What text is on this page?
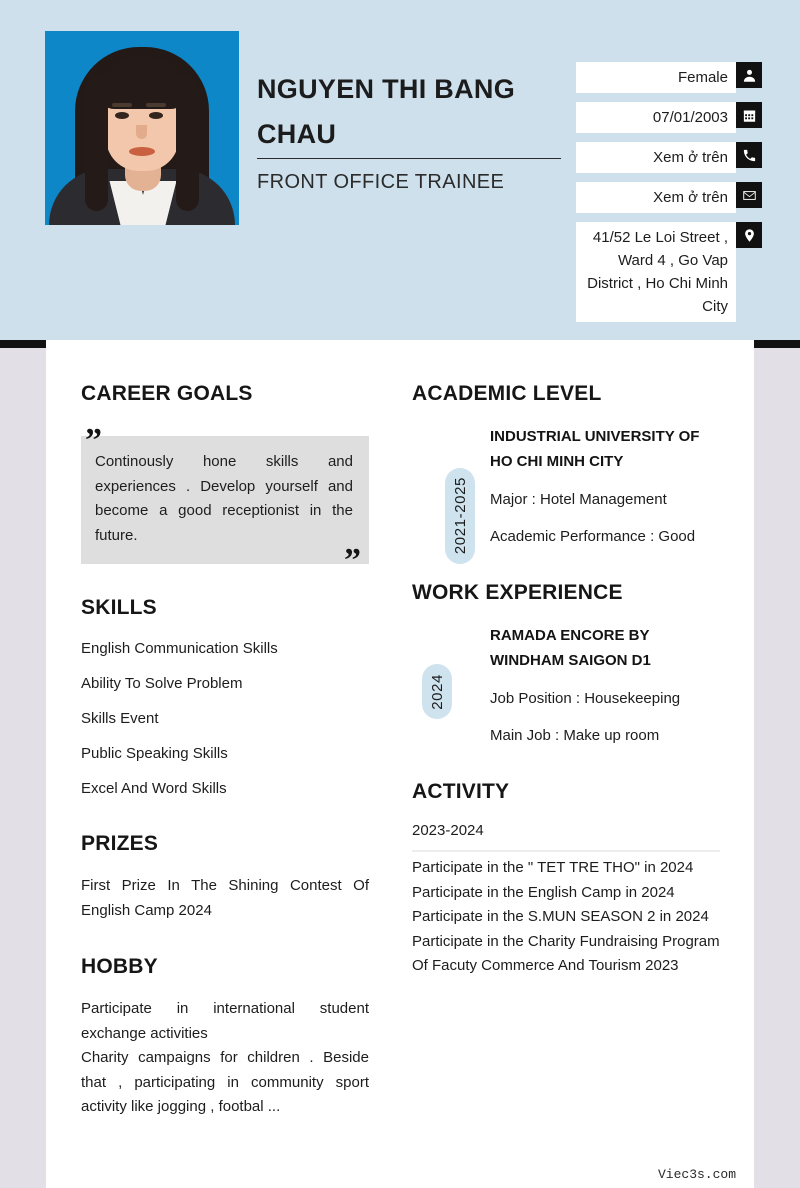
NGUYEN THI BANG CHAU
FRONT OFFICE TRAINEE
Female
07/01/2003
Xem ở trên
Xem ở trên
41/52 Le Loi Street , Ward 4 , Go Vap District , Ho Chi Minh City
CAREER GOALS
”
Continously hone skills and experiences . Develop yourself and become a good receptionist in the future.
”
SKILLS
English Communication Skills
Ability To Solve Problem
Skills Event
Public Speaking Skills
Excel And Word Skills
PRIZES
First Prize In The Shining Contest Of English Camp 2024
HOBBY
Participate in international student exchange activities
Charity campaigns for children . Beside that , participating in community sport activity like jogging , footbal ...
ACADEMIC LEVEL
2021-2025
INDUSTRIAL UNIVERSITY OF HO CHI MINH CITY
Major : Hotel Management
Academic Performance : Good
WORK EXPERIENCE
2024
RAMADA ENCORE BY WINDHAM SAIGON D1
Job Position : Housekeeping
Main Job : Make up room
ACTIVITY
2023-2024
Participate in the " TET TRE THO" in 2024
Participate in the English Camp in 2024
Participate in the S.MUN SEASON 2 in 2024
Participate in the Charity Fundraising Program Of Facuty Commerce And Tourism 2023
Viec3s.com
